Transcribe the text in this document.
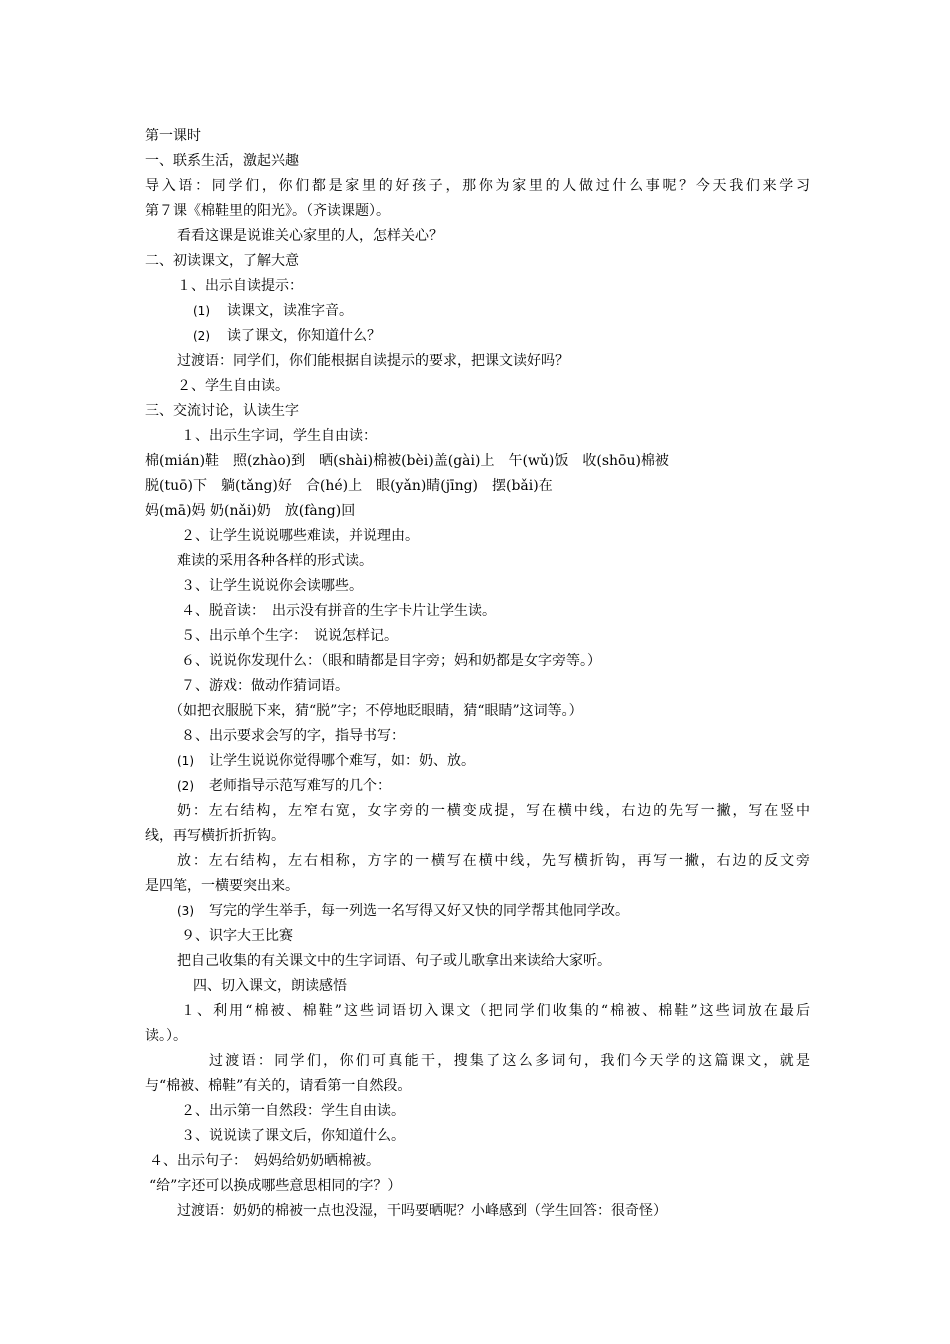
第一课时
一、联系生活，激起兴趣
导入语：同学们，你们都是家里的好孩子，那你为家里的人做过什么事呢？今天我们来学习
第７课《棉鞋里的阳光》。（齐读课题）。
看看这课是说谁关心家里的人，怎样关心？
二、初读课文，了解大意
１、出示自读提示：
(1) 读课文，读准字音。
(2) 读了课文，你知道什么？
过渡语：同学们，你们能根据自读提示的要求，把课文读好吗？
２、学生自由读。
三、交流讨论，认读生字
１、出示生字词，学生自由读：
棉(mián)鞋　照(zhào)到　晒(shài)棉被(bèi)盖(gài)上　午(wǔ)饭　收(shōu)棉被
脱(tuō)下　躺(tǎng)好　合(hé)上　眼(yǎn)睛(jīng)　摆(bǎi)在
妈(mā)妈 奶(nǎi)奶　放(fàng)回
２、让学生说说哪些难读，并说理由。
难读的采用各种各样的形式读。
３、让学生说说你会读哪些。
４、脱音读：　出示没有拼音的生字卡片让学生读。
５、出示单个生字：　说说怎样记。
６、说说你发现什么：（眼和睛都是目字旁；妈和奶都是女字旁等。）
７、游戏：做动作猜词语。
（如把衣服脱下来，猜“脱”字；不停地眨眼睛，猜“眼睛”这词等。）
８、出示要求会写的字，指导书写：
(1) 让学生说说你觉得哪个难写，如：奶、放。
(2) 老师指导示范写难写的几个：
奶：左右结构，左窄右宽，女字旁的一横变成提，写在横中线，右边的先写一撇，写在竖中
线，再写横折折折钩。
放：左右结构，左右相称，方字的一横写在横中线，先写横折钩，再写一撇，右边的反文旁
是四笔，一横要突出来。
(3) 写完的学生举手，每一列选一名写得又好又快的同学帮其他同学改。
９、识字大王比赛
把自己收集的有关课文中的生字词语、句子或儿歌拿出来读给大家听。
四、切入课文，朗读感悟
１、利用“棉被、棉鞋”这些词语切入课文（把同学们收集的“棉被、棉鞋”这些词放在最后
读。）。
过渡语：同学们，你们可真能干，搜集了这么多词句，我们今天学的这篇课文，就是
与“棉被、棉鞋”有关的，请看第一自然段。
２、出示第一自然段：学生自由读。
３、说说读了课文后，你知道什么。
４、出示句子：　妈妈给奶奶晒棉被。
“给”字还可以换成哪些意思相同的字？）
过渡语：奶奶的棉被一点也没湿，干吗要晒呢？小峰感到（学生回答：很奇怪）
